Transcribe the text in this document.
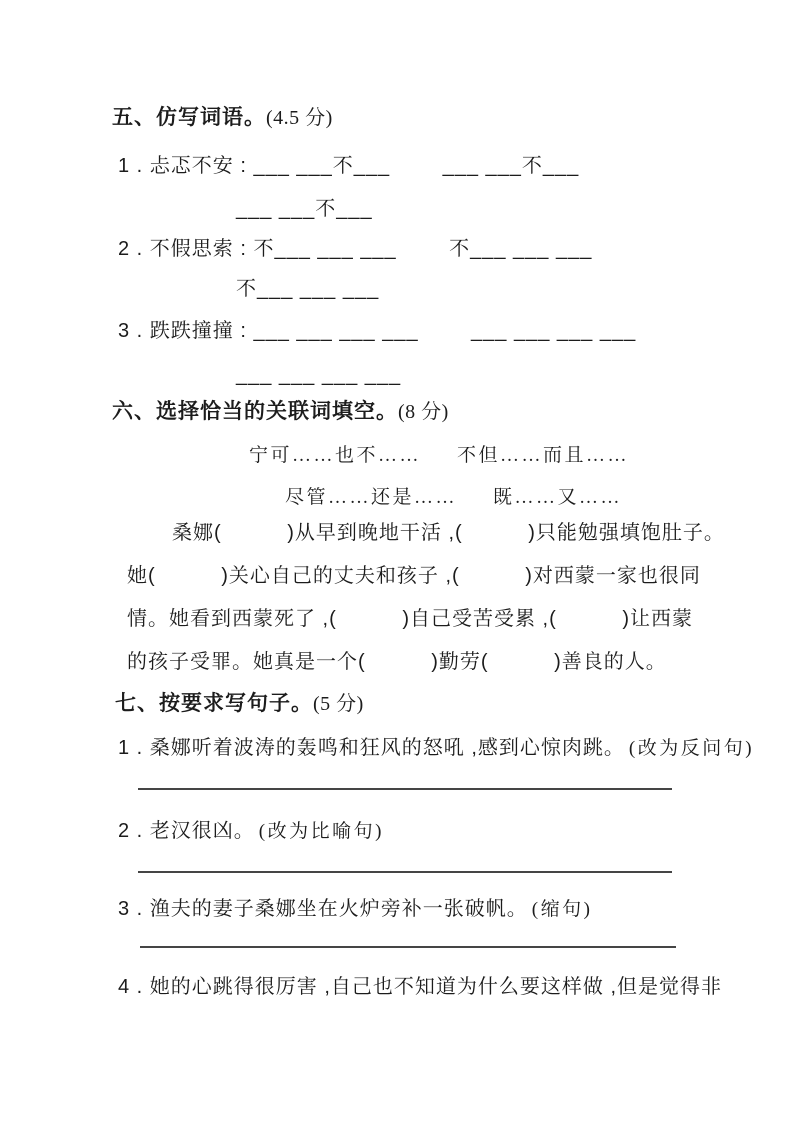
五、仿写词语。(4.5 分)
1 . 忐忑不安 : ___ ___不___        ___ ___不___
___ ___不___
2 . 不假思索 : 不___ ___ ___        不___ ___ ___
不___ ___ ___
3 . 跌跌撞撞 : ___ ___ ___ ___        ___ ___ ___ ___
___ ___ ___ ___
六、选择恰当的关联词填空。(8 分)
宁可……也不…… 不但……而且……
尽管……还是…… 既……又……
桑娜(          )从早到晚地干活 ,(          )只能勉强填饱肚子。
她(          )关心自己的丈夫和孩子 ,(          )对西蒙一家也很同
情。她看到西蒙死了 ,(          )自己受苦受累 ,(          )让西蒙
的孩子受罪。她真是一个(          )勤劳(          )善良的人。
七、按要求写句子。(5 分)
1 . 桑娜听着波涛的轰鸣和狂风的怒吼 ,感到心惊肉跳。 (改为反问句)
2 . 老汉很凶。 (改为比喻句)
3 . 渔夫的妻子桑娜坐在火炉旁补一张破帆。 (缩句)
4 . 她的心跳得很厉害 ,自己也不知道为什么要这样做 ,但是觉得非
